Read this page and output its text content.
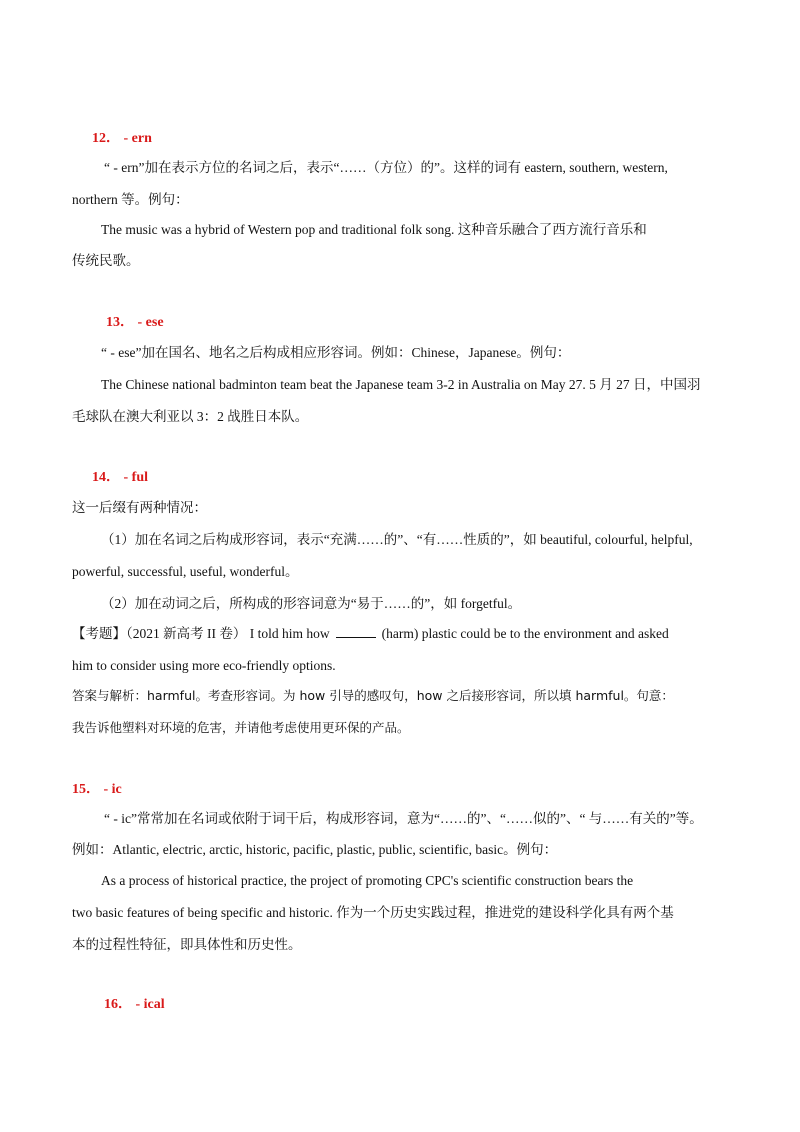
12． - ern
“ - ern”加在表示方位的名词之后，表示“……（方位）的”。这样的词有 eastern, southern, western,
northern 等。例句：
The music was a hybrid of Western pop and traditional folk song. 这种音乐融合了西方流行音乐和
传统民歌。
13． - ese
“ - ese”加在国名、地名之后构成相应形容词。例如：Chinese，Japanese。例句：
The Chinese national badminton team beat the Japanese team 3-2 in Australia on May 27. 5 月 27 日，中国羽
毛球队在澳大利亚以 3：2 战胜日本队。
14． - ful
这一后缀有两种情况：
（1）加在名词之后构成形容词，表示“充满……的”、“有……性质的”，如 beautiful, colourful, helpful,
powerful, successful, useful, wonderful。
（2）加在动词之后，所构成的形容词意为“易于……的”，如 forgetful。
【考题】（2021 新高考 II 卷） I told him how	(harm) plastic could be to the environment and asked
him to consider using more eco-friendly options.
答案与解析：harmful。考查形容词。为 how 引导的感叹句，how 之后接形容词，所以填 harmful。句意：
我告诉他塑料对环境的危害，并请他考虑使用更环保的产品。
15． - ic
“ - ic”常常加在名词或依附于词干后，构成形容词，意为“……的”、“……似的”、“ 与……有关的”等。
例如：Atlantic, electric, arctic, historic, pacific, plastic, public, scientific, basic。例句：
As a process of historical practice, the project of promoting CPC's scientific construction bears the
two basic features of being specific and historic. 作为一个历史实践过程，推进党的建设科学化具有两个基
本的过程性特征，即具体性和历史性。
16． - ical
